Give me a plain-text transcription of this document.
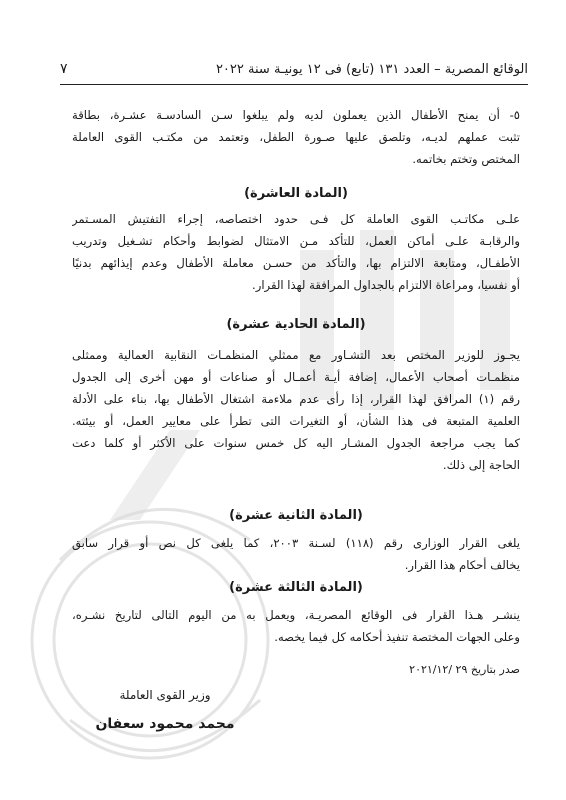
الوقائع المصرية – العدد ١٣١ (تابع) فى ١٢ يونيـة سنة ٢٠٢٢
٧
٥- أن يمنح الأطفال الذين يعملون لديه ولم يبلغوا سـن السادسـة عشـرة، بطاقة
تثبت عملهم لديـه، وتلصق عليها صـورة الطفل، وتعتمد من مكتـب القوى العاملة
المختص وتختم بخاتمه.
(المادة العاشرة)
علـى مكاتـب القوى العاملة كل فـى حدود اختصاصه، إجراء التفتيش المسـتمر
والرقابـة علـى أماكن العمل، للتأكد مـن الامتثال لضوابط وأحكام تشـغيل وتدريب
الأطفـال، ومتابعة الالتزام بها، والتأكد من حسـن معاملة الأطفال وعدم إيذائهم بدنيًا
أو نفسيا، ومراعاة الالتزام بالجداول المرافقة لهذا القرار.
(المادة الحادية عشرة)
يجـوز للوزير المختص بعد التشـاور مع ممثلي المنظمـات النقابية العمالية وممثلى
منظمـات أصحاب الأعمال، إضافة أيـة أعمـال أو صناعات أو مهن أخرى إلى الجدول
رقم (١) المرافق لهذا القرار، إذا رأى عدم ملاءمة اشتغال الأطفال بها، بناء على الأدلة
العلمية المتبعة فى هذا الشأن، أو التغيرات التى تطرأ على معايير العمل، أو بيئته.
كما يجب مراجعة الجدول المشـار اليه كل خمس سنوات على الأكثر أو كلما دعت
الحاجة إلى ذلك.
(المادة الثانية عشرة)
يلغى القرار الوزارى رقم (١١٨) لسـنة ٢٠٠٣، كما يلغى كل نص أو قرار سابق
يخالف أحكام هذا القرار.
(المادة الثالثة عشرة)
ينشـر هـذا القرار فى الوقائع المصريـة، ويعمل به من اليوم التالى لتاريخ نشـره،
وعلى الجهات المختصة تنفيذ أحكامه كل فيما يخصه.
صدر بتاريخ ٢٩ /٢٠٢١/١٢
وزير القوى العاملة
محمد محمود سعفان
